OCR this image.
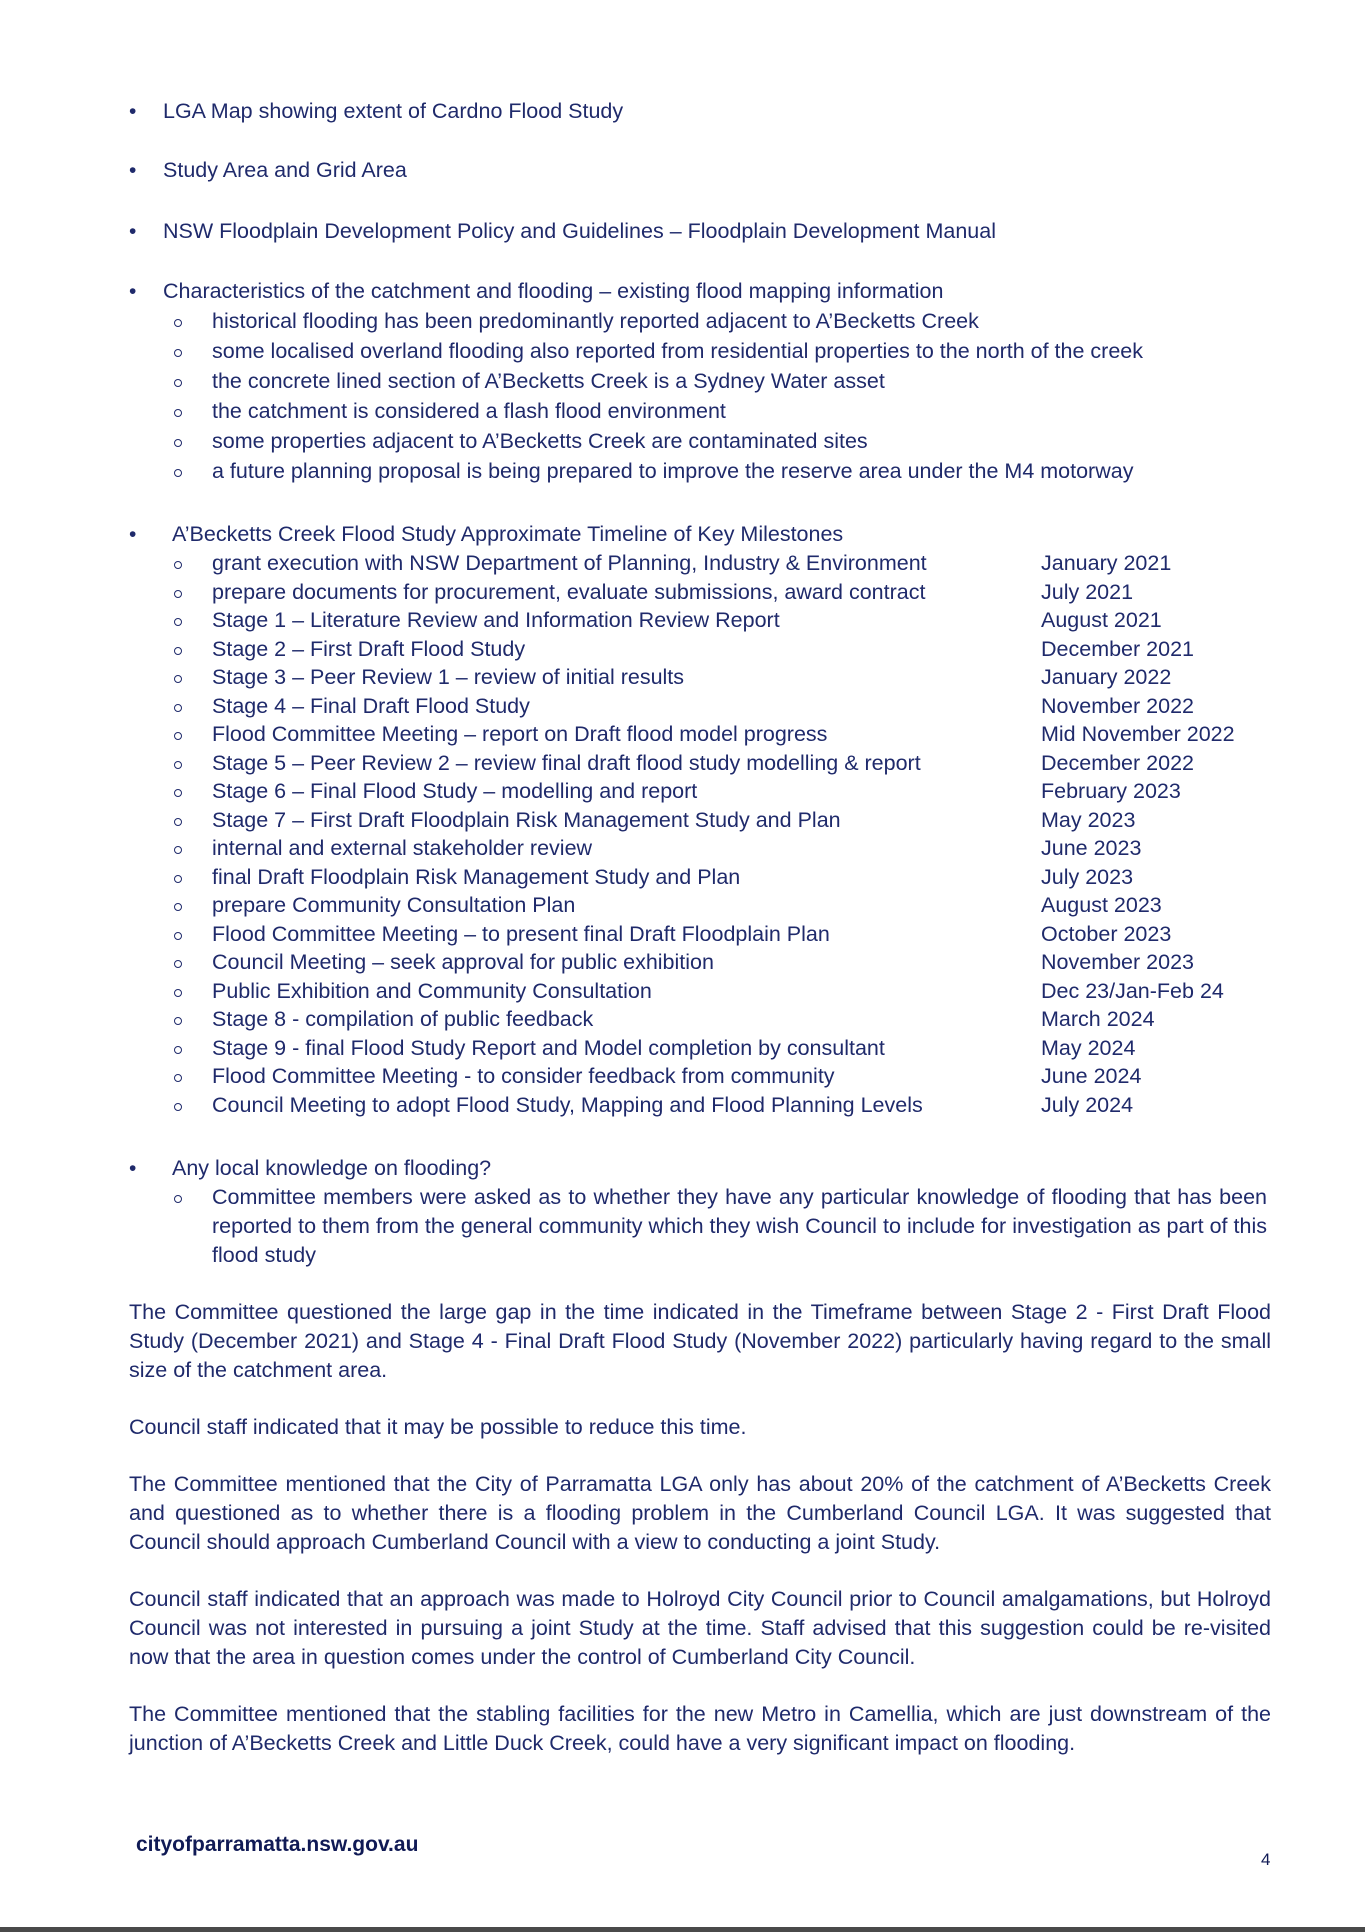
• LGA Map showing extent of Cardno Flood Study
• Study Area and Grid Area
• NSW Floodplain Development Policy and Guidelines – Floodplain Development Manual
• Characteristics of the catchment and flooding – existing flood mapping information
historical flooding has been predominantly reported adjacent to A’Becketts Creek
some localised overland flooding also reported from residential properties to the north of the creek
the concrete lined section of A’Becketts Creek is a Sydney Water asset
the catchment is considered a flash flood environment
some properties adjacent to A’Becketts Creek are contaminated sites
a future planning proposal is being prepared to improve the reserve area under the M4 motorway
• A’Becketts Creek Flood Study Approximate Timeline of Key Milestones
grant execution with NSW Department of Planning, Industry & Environment	January 2021
prepare documents for procurement, evaluate submissions, award contract	July 2021
Stage 1 – Literature Review and Information Review Report	August 2021
Stage 2 – First Draft Flood Study	December 2021
Stage 3 – Peer Review 1 – review of initial results	January 2022
Stage 4 – Final Draft Flood Study	November 2022
Flood Committee Meeting – report on Draft flood model progress	Mid November 2022
Stage 5 – Peer Review 2 – review final draft flood study modelling & report	December 2022
Stage 6 – Final Flood Study – modelling and report	February 2023
Stage 7 – First Draft Floodplain Risk Management Study and Plan	May 2023
internal and external stakeholder review	June 2023
final Draft Floodplain Risk Management Study and Plan	July 2023
prepare Community Consultation Plan	August 2023
Flood Committee Meeting – to present final Draft Floodplain Plan	October 2023
Council Meeting – seek approval for public exhibition	November 2023
Public Exhibition and Community Consultation	Dec 23/Jan-Feb 24
Stage 8 - compilation of public feedback	March 2024
Stage 9 - final Flood Study Report and Model completion by consultant	May 2024
Flood Committee Meeting - to consider feedback from community	June 2024
Council Meeting to adopt Flood Study, Mapping and Flood Planning Levels	July 2024
• Any local knowledge on flooding?
Committee members were asked as to whether they have any particular knowledge of flooding that has been reported to them from the general community which they wish Council to include for investigation as part of this flood study
The Committee questioned the large gap in the time indicated in the Timeframe between Stage 2 - First Draft Flood Study (December 2021) and Stage 4 - Final Draft Flood Study (November 2022) particularly having regard to the small size of the catchment area.
Council staff indicated that it may be possible to reduce this time.
The Committee mentioned that the City of Parramatta LGA only has about 20% of the catchment of A’Becketts Creek and questioned as to whether there is a flooding problem in the Cumberland Council LGA. It was suggested that Council should approach Cumberland Council with a view to conducting a joint Study.
Council staff indicated that an approach was made to Holroyd City Council prior to Council amalgamations, but Holroyd Council was not interested in pursuing a joint Study at the time. Staff advised that this suggestion could be re-visited now that the area in question comes under the control of Cumberland City Council.
The Committee mentioned that the stabling facilities for the new Metro in Camellia, which are just downstream of the junction of A’Becketts Creek and Little Duck Creek, could have a very significant impact on flooding.
cityofparramatta.nsw.gov.au
4
